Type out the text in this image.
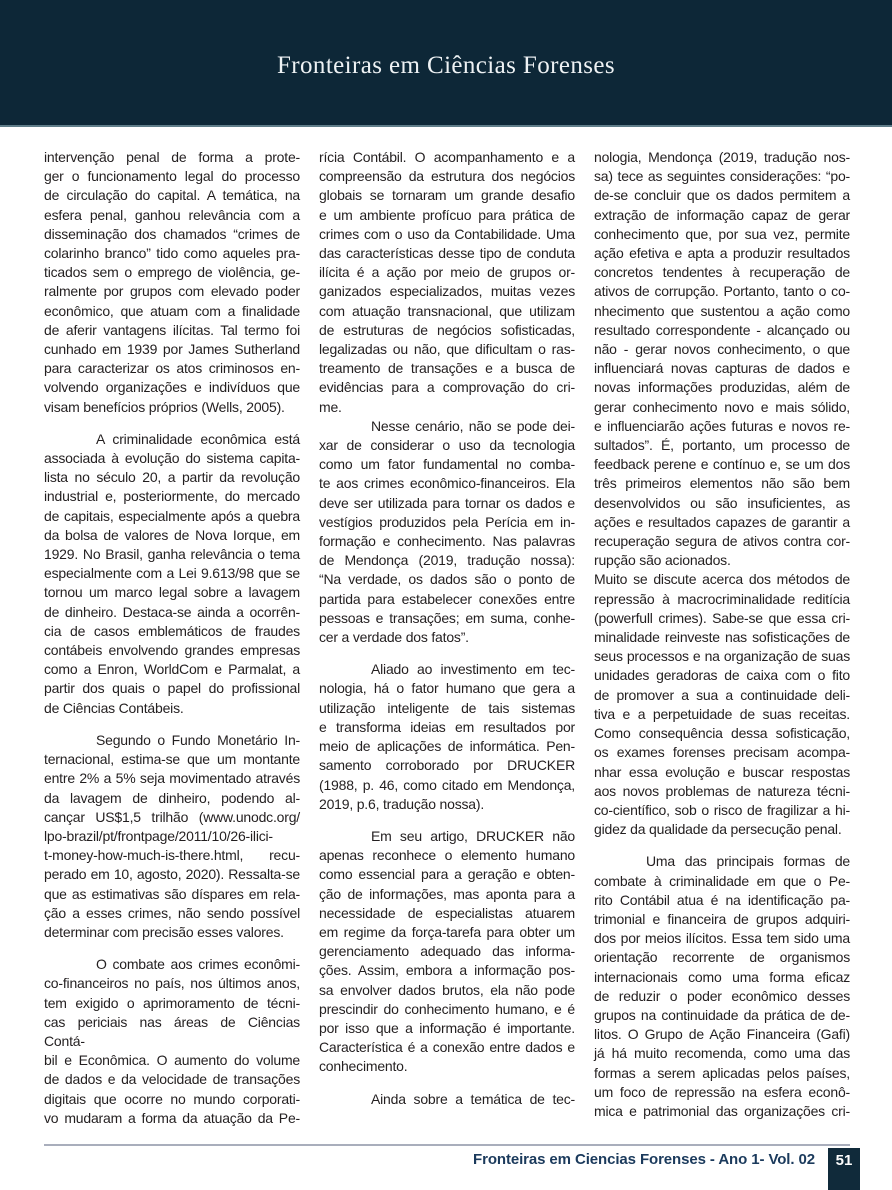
Fronteiras em Ciências Forenses
intervenção penal de forma a prote-
ger o funcionamento legal do processo
de circulação do capital. A temática, na
esfera penal, ganhou relevância com a
disseminação dos chamados “crimes de
colarinho branco” tido como aqueles pra-
ticados sem o emprego de violência, ge-
ralmente por grupos com elevado poder
econômico, que atuam com a finalidade
de aferir vantagens ilícitas. Tal termo foi
cunhado em 1939 por James Sutherland
para caracterizar os atos criminosos en-
volvendo organizações e indivíduos que
visam benefícios próprios (Wells, 2005).
A criminalidade econômica está
associada à evolução do sistema capita-
lista no século 20, a partir da revolução
industrial e, posteriormente, do mercado
de capitais, especialmente após a quebra
da bolsa de valores de Nova Iorque, em
1929. No Brasil, ganha relevância o tema
especialmente com a Lei 9.613/98 que se
tornou um marco legal sobre a lavagem
de dinheiro. Destaca-se ainda a ocorrên-
cia de casos emblemáticos de fraudes
contábeis envolvendo grandes empresas
como a Enron, WorldCom e Parmalat, a
partir dos quais o papel do profissional
de Ciências Contábeis.
Segundo o Fundo Monetário In-
ternacional, estima-se que um montante
entre 2% a 5% seja movimentado através
da lavagem de dinheiro, podendo al-
cançar US$1,5 trilhão (www.unodc.org/
lpo-brazil/pt/frontpage/2011/10/26-ilici-
t-money-how-much-is-there.html, recu-
perado em 10, agosto, 2020). Ressalta-se
que as estimativas são díspares em rela-
ção a esses crimes, não sendo possível
determinar com precisão esses valores.
O combate aos crimes econômi-
co-financeiros no país, nos últimos anos,
tem exigido o aprimoramento de técni-
cas periciais nas áreas de Ciências Contá-
bil e Econômica. O aumento do volume
de dados e da velocidade de transações
digitais que ocorre no mundo corporati-
vo mudaram a forma da atuação da Pe-
rícia Contábil. O acompanhamento e a
compreensão da estrutura dos negócios
globais se tornaram um grande desafio
e um ambiente profícuo para prática de
crimes com o uso da Contabilidade. Uma
das características desse tipo de conduta
ilícita é a ação por meio de grupos or-
ganizados especializados, muitas vezes
com atuação transnacional, que utilizam
de estruturas de negócios sofisticadas,
legalizadas ou não, que dificultam o ras-
treamento de transações e a busca de
evidências para a comprovação do cri-
me.
Nesse cenário, não se pode dei-
xar de considerar o uso da tecnologia
como um fator fundamental no comba-
te aos crimes econômico-financeiros. Ela
deve ser utilizada para tornar os dados e
vestígios produzidos pela Perícia em in-
formação e conhecimento. Nas palavras
de Mendonça (2019, tradução nossa):
“Na verdade, os dados são o ponto de
partida para estabelecer conexões entre
pessoas e transações; em suma, conhe-
cer a verdade dos fatos”.
Aliado ao investimento em tec-
nologia, há o fator humano que gera a
utilização inteligente de tais sistemas
e transforma ideias em resultados por
meio de aplicações de informática. Pen-
samento corroborado por DRUCKER
(1988, p. 46, como citado em Mendonça,
2019, p.6, tradução nossa).
Em seu artigo, DRUCKER não
apenas reconhece o elemento humano
como essencial para a geração e obten-
ção de informações, mas aponta para a
necessidade de especialistas atuarem
em regime da força-tarefa para obter um
gerenciamento adequado das informa-
ções. Assim, embora a informação pos-
sa envolver dados brutos, ela não pode
prescindir do conhecimento humano, e é
por isso que a informação é importante.
Característica é a conexão entre dados e
conhecimento.
Ainda sobre a temática de tec-
nologia, Mendonça (2019, tradução nos-
sa) tece as seguintes considerações: “po-
de-se concluir que os dados permitem a
extração de informação capaz de gerar
conhecimento que, por sua vez, permite
ação efetiva e apta a produzir resultados
concretos tendentes à recuperação de
ativos de corrupção. Portanto, tanto o co-
nhecimento que sustentou a ação como
resultado correspondente - alcançado ou
não - gerar novos conhecimento, o que
influenciará novas capturas de dados e
novas informações produzidas, além de
gerar conhecimento novo e mais sólido,
e influenciarão ações futuras e novos re-
sultados”. É, portanto, um processo de
feedback perene e contínuo e, se um dos
três primeiros elementos não são bem
desenvolvidos ou são insuficientes, as
ações e resultados capazes de garantir a
recuperação segura de ativos contra cor-
rupção são acionados.
Muito se discute acerca dos métodos de
repressão à macrocriminalidade reditícia
(powerfull crimes). Sabe-se que essa cri-
minalidade reinveste nas sofisticações de
seus processos e na organização de suas
unidades geradoras de caixa com o fito
de promover a sua a continuidade deli-
tiva e a perpetuidade de suas receitas.
Como consequência dessa sofisticação,
os exames forenses precisam acompa-
nhar essa evolução e buscar respostas
aos novos problemas de natureza técni-
co-científico, sob o risco de fragilizar a hi-
gidez da qualidade da persecução penal.
Uma das principais formas de
combate à criminalidade em que o Pe-
rito Contábil atua é na identificação pa-
trimonial e financeira de grupos adquiri-
dos por meios ilícitos. Essa tem sido uma
orientação recorrente de organismos
internacionais como uma forma eficaz
de reduzir o poder econômico desses
grupos na continuidade da prática de de-
litos. O Grupo de Ação Financeira (Gafi)
já há muito recomenda, como uma das
formas a serem aplicadas pelos países,
um foco de repressão na esfera econô-
mica e patrimonial das organizações cri-
Fronteiras em Ciencias Forenses - Ano 1- Vol. 02	51
